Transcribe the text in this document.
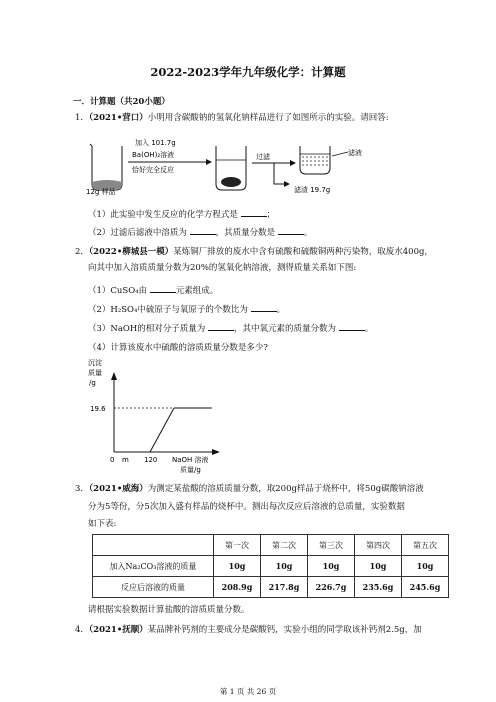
2022-2023学年九年级化学：计算题
一．计算题（共20小题）
1．（2021•营口）小明用含碳酸钠的氢氧化钠样品进行了如图所示的实验。请回答:
12g 样品
加入 101.7g
Ba(OH)₂溶液
恰好完全反应
过滤	滤液
滤渣 19.7g
（1）此实验中发生反应的化学方程式是	；
（2）过滤后滤液中溶质为	，其质量分数是	。
2．（2022•柳城县一模）某炼铜厂排放的废水中含有硫酸和硫酸铜两种污染物，取废水400g，
向其中加入溶质质量分数为20%的氢氧化钠溶液，测得质量关系如下图:
（1）CuSO₄由	元素组成。
（2）H₂SO₄中硫原子与氧原子的个数比为	。
（3）NaOH的相对分子质量为	，其中氧元素的质量分数为	。
（4）计算该废水中硫酸的溶质质量分数是多少?
沉淀
质量
/g
19.6
0 m 120 NaOH 溶液
质量/g
3．（2021•威海）为测定某盐酸的溶质质量分数，取200g样品于烧杯中，将50g碳酸钠溶液
分为5等份，分5次加入盛有样品的烧杯中。测出每次反应后溶液的总质量，实验数据
如下表:
	第一次	第二次	第三次	第四次	第五次
加入Na₂CO₃溶液的质量	10g	10g	10g	10g	10g
反应后溶液的质量	208.9g	217.8g	226.7g	235.6g	245.6g
请根据实验数据计算盐酸的溶质质量分数。
4．（2021•抚顺）某品牌补钙剂的主要成分是碳酸钙，实验小组的同学取该补钙剂2.5g，加
第 1 页 共 26 页
